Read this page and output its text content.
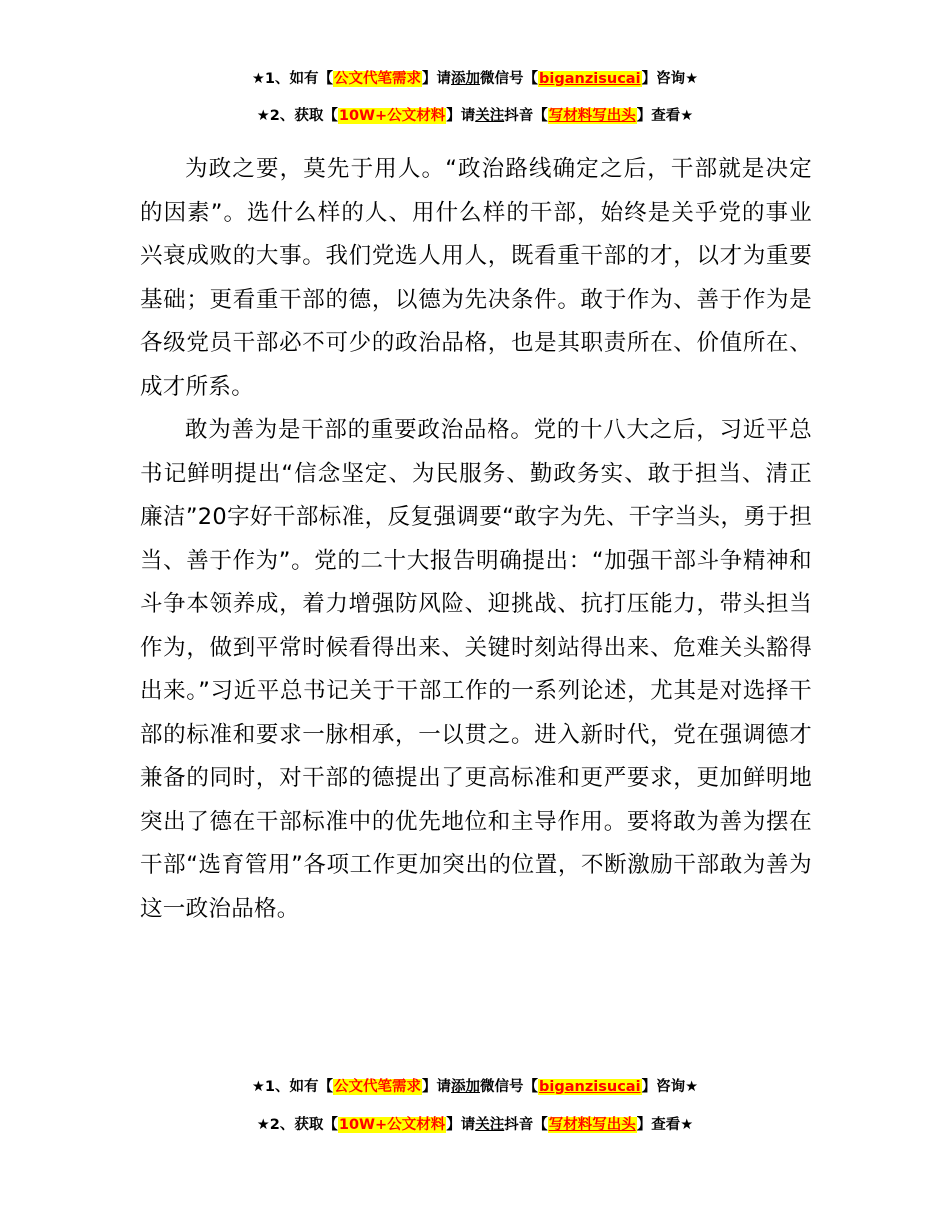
★1、如有【公文代笔需求】请添加微信号【biganzisucai】咨询★
★2、获取【10W+公文材料】请关注抖音【写材料写出头】查看★

为政之要，莫先于用人。“政治路线确定之后，干部就是决定的因素”。选什么样的人、用什么样的干部，始终是关乎党的事业兴衰成败的大事。我们党选人用人，既看重干部的才，以才为重要基础；更看重干部的德，以德为先决条件。敢于作为、善于作为是各级党员干部必不可少的政治品格，也是其职责所在、价值所在、成才所系。

敢为善为是干部的重要政治品格。党的十八大之后，习近平总书记鲜明提出“信念坚定、为民服务、勤政务实、敢于担当、清正廉洁”20字好干部标准，反复强调要“敢字为先、干字当头，勇于担当、善于作为”。党的二十大报告明确提出：“加强干部斗争精神和斗争本领养成，着力增强防风险、迎挑战、抗打压能力，带头担当作为，做到平常时候看得出来、关键时刻站得出来、危难关头豁得出来。”习近平总书记关于干部工作的一系列论述，尤其是对选择干部的标准和要求一脉相承，一以贯之。进入新时代，党在强调德才兼备的同时，对干部的德提出了更高标准和更严要求，更加鲜明地突出了德在干部标准中的优先地位和主导作用。要将敢为善为摆在干部“选育管用”各项工作更加突出的位置，不断激励干部敢为善为这一政治品格。

★1、如有【公文代笔需求】请添加微信号【biganzisucai】咨询★
★2、获取【10W+公文材料】请关注抖音【写材料写出头】查看★
